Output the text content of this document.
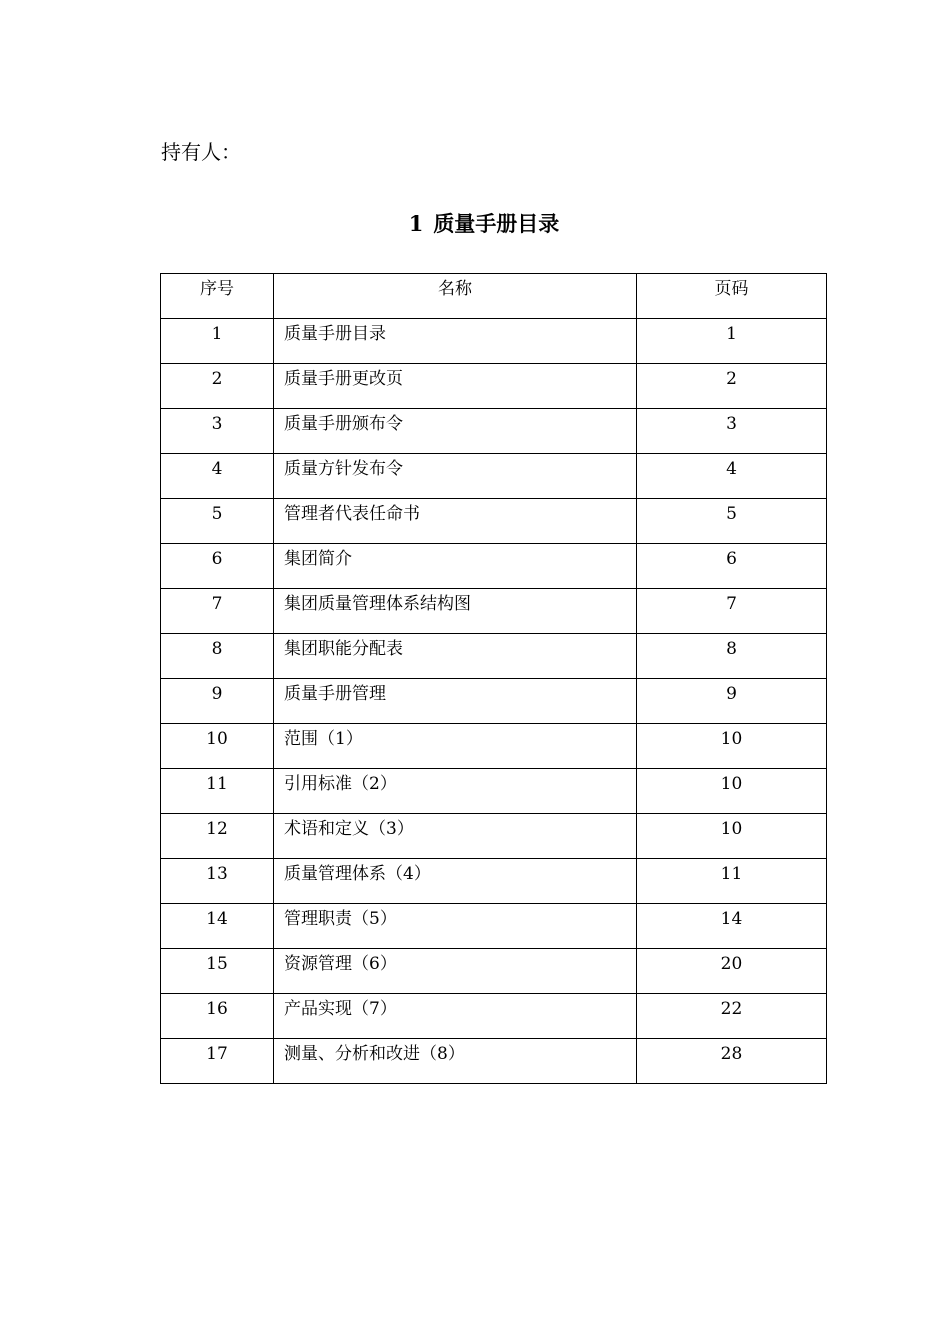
持有人：
1 质量手册目录
序号	名称	页码

1	质量手册目录	1

2	质量手册更改页	2

3	质量手册颁布令	3

4	质量方针发布令	4

5	管理者代表任命书	5

6	集团简介	6

7	集团质量管理体系结构图	7

8	集团职能分配表	8

9	质量手册管理	9

10	范围（1）	10

11	引用标准（2）	10

12	术语和定义（3）	10

13	质量管理体系（4）	11

14	管理职责（5）	14

15	资源管理（6）	20

16	产品实现（7）	22

17	测量、分析和改进（8）	28
